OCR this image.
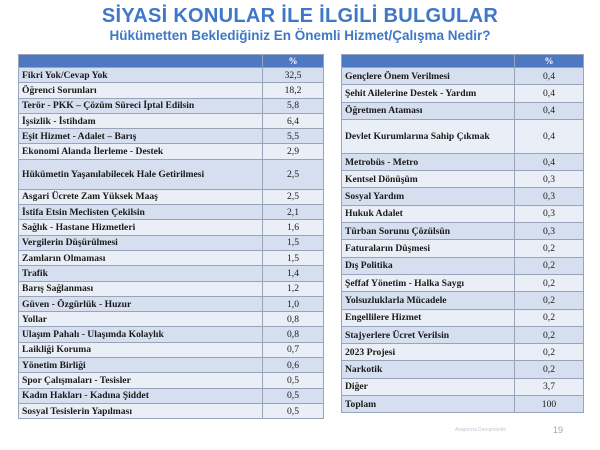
SİYASİ KONULAR İLE İLGİLİ BULGULAR
Hükümetten Beklediğiniz En Önemli Hizmet/Çalışma Nedir?
	%
Fikri Yok/Cevap Yok	32,5
Öğrenci Sorunları	18,2
Terör - PKK – Çözüm Süreci İptal Edilsin	5,8
İşsizlik - İstihdam	6,4
Eşit Hizmet - Adalet – Barış	5,5
Ekonomi Alanda İlerleme - Destek	2,9
Hükümetin Yaşanılabilecek Hale Getirilmesi	2,5
Asgari Ücrete Zam Yüksek Maaş	2,5
İstifa Etsin Meclisten Çekilsin	2,1
Sağlık - Hastane Hizmetleri	1,6
Vergilerin Düşürülmesi	1,5
Zamların Olmaması	1,5
Trafik	1,4
Barış Sağlanması	1,2
Güven - Özgürlük - Huzur	1,0
Yollar	0,8
Ulaşım Pahalı - Ulaşımda Kolaylık	0,8
Laikliği Koruma	0,7
Yönetim Birliği	0,6
Spor Çalışmaları - Tesisler	0,5
Kadın Hakları - Kadına Şiddet	0,5
Sosyal Tesislerin Yapılması	0,5
	%
Gençlere Önem Verilmesi	0,4
Şehit Ailelerine Destek - Yardım	0,4
Öğretmen Ataması	0,4
Devlet Kurumlarına Sahip Çıkmak	0,4
Metrobüs - Metro	0,4
Kentsel Dönüşüm	0,3
Sosyal Yardım	0,3
Hukuk Adalet	0,3
Türban Sorunu Çözülsün	0,3
Faturaların Düşmesi	0,2
Dış Politika	0,2
Şeffaf Yönetim - Halka Saygı	0,2
Yolsuzluklarla Mücadele	0,2
Engellilere Hizmet	0,2
Stajyerlere Ücret Verilsin	0,2
2023 Projesi	0,2
Narkotik	0,2
Diğer	3,7
Toplam	100
Araştırma Danışmanlık	19
